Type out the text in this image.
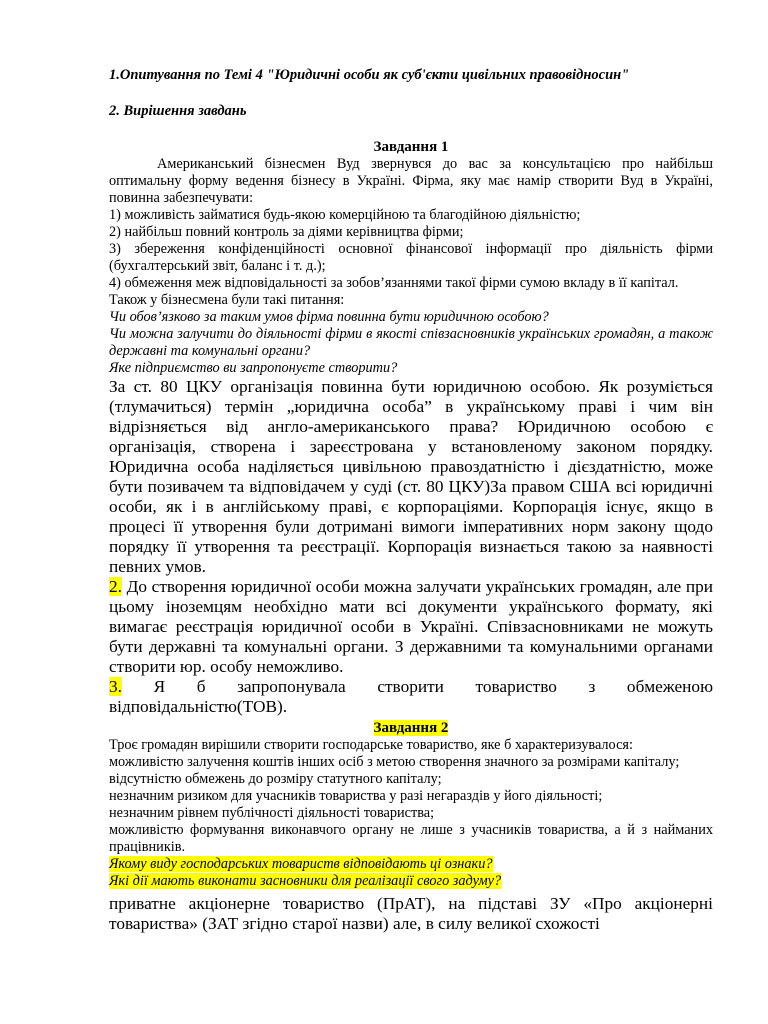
1.Опитування по Темі 4 "Юридичні особи як суб'єкти цивільних правовідносин"

2. Вирішення завдань

Завдання 1

Американський бізнесмен Вуд звернувся до вас за консультацією про найбільш оптимальну форму ведення бізнесу в Україні. Фірма, яку має намір створити Вуд в Україні, повинна забезпечувати:

1) можливість займатися будь-якою комерційною та благодійною діяльністю;

2) найбільш повний контроль за діями керівництва фірми;

3) збереження конфіденційності основної фінансової інформації про діяльність фірми (бухгалтерський звіт, баланс і т. д.);

4) обмеження меж відповідальності за зобов’язаннями такої фірми сумою вкладу в її капітал.

Також у бізнесмена були такі питання:

Чи обов’язково за таким умов фірма повинна бути юридичною особою?

Чи можна залучити до діяльності фірми в якості співзасновників українських громадян, а також державні та комунальні органи?

Яке підприємство ви запропонуєте створити?

За ст. 80 ЦКУ організація повинна бути юридичною особою. Як розуміється (тлумачиться) термін „юридична особа” в українському праві і чим він відрізняється від англо-американського права? Юридичною особою є організація, створена і зареєстрована у встановленому законом порядку. Юридична особа наділяється цивільною правоздатністю і дієздатністю, може бути позивачем та відповідачем у суді (ст. 80 ЦКУ)За правом США всі юридичні особи, як і в англійському праві, є корпораціями. Корпорація існує, якщо в процесі її утворення були дотримані вимоги імперативних норм закону щодо порядку її утворення та реєстрації. Корпорація визнається такою за наявності певних умов.

2. До створення юридичної особи можна залучати українських громадян, але при цьому іноземцям необхідно мати всі документи українського формату, які вимагає реєстрація юридичної особи в Україні. Співзасновниками не можуть бути державні та комунальні органи. З державними та комунальними органами створити юр. особу неможливо.

3. Я б запропонувала створити товариство з обмеженою відповідальністю(ТОВ).

Завдання 2

Троє громадян вирішили створити господарське товариство, яке б характеризувалося:

можливістю залучення коштів інших осіб з метою створення значного за розмірами капіталу;

відсутністю обмежень до розміру статутного капіталу;

незначним ризиком для учасників товариства у разі негараздів у його діяльності;

незначним рівнем публічності діяльності товариства;

можливістю формування виконавчого органу не лише з учасників товариства, а й з найманих працівників.

Якому виду господарських товариств відповідають ці ознаки?

Які дії мають виконати засновники для реалізації свого задуму?

приватне акціонерне товариство (ПрАТ), на підставі ЗУ «Про акціонерні товариства» (ЗАТ згідно старої назви) але, в силу великої схожості
